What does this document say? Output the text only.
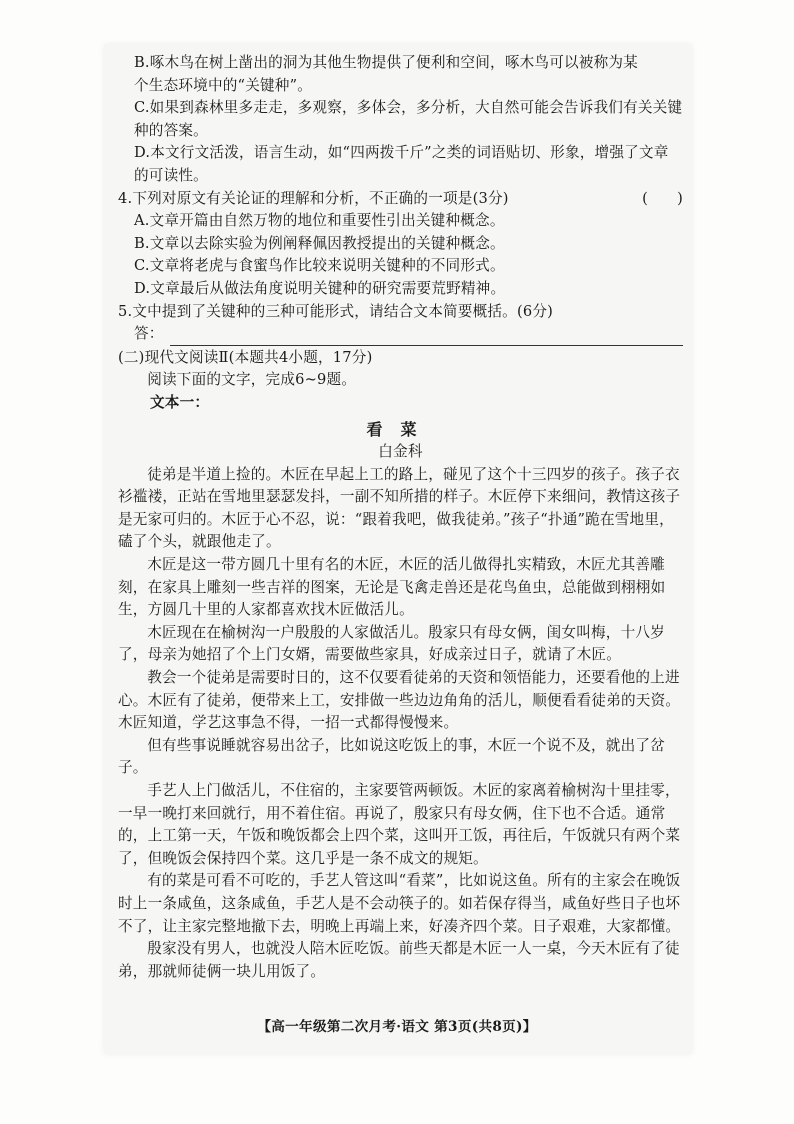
B.啄木鸟在树上凿出的洞为其他生物提供了便利和空间，啄木鸟可以被称为某
个生态环境中的“关键种”。
C.如果到森林里多走走，多观察，多体会，多分析，大自然可能会告诉我们有关关键
种的答案。
D.本文行文活泼，语言生动，如“四两拨千斤”之类的词语贴切、形象，增强了文章
的可读性。
4.下列对原文有关论证的理解和分析，不正确的一项是(3分)	(      )
A.文章开篇由自然万物的地位和重要性引出关键种概念。
B.文章以去除实验为例阐释佩因教授提出的关键种概念。
C.文章将老虎与食蜜鸟作比较来说明关键种的不同形式。
D.文章最后从做法角度说明关键种的研究需要荒野精神。
5.文中提到了关键种的三种可能形式，请结合文本简要概括。(6分)
答：
(二)现代文阅读Ⅱ(本题共4小题，17分)
阅读下面的文字，完成6~9题。
文本一：
看菜
白金科
徒弟是半道上捡的。木匠在早起上工的路上，碰见了这个十三四岁的孩子。孩子衣衫褴褛，正站在雪地里瑟瑟发抖，一副不知所措的样子。木匠停下来细问，教情这孩子是无家可归的。木匠于心不忍，说：“跟着我吧，做我徒弟。”孩子“扑通”跪在雪地里，磕了个头，就跟他走了。
木匠是这一带方圆几十里有名的木匠，木匠的活儿做得扎实精致，木匠尤其善雕刻，在家具上雕刻一些吉祥的图案，无论是飞禽走兽还是花鸟鱼虫，总能做到栩栩如生，方圆几十里的人家都喜欢找木匠做活儿。
木匠现在在榆树沟一户殷殷的人家做活儿。殷家只有母女俩，闺女叫梅，十八岁了，母亲为她招了个上门女婿，需要做些家具，好成亲过日子，就请了木匠。
教会一个徒弟是需要时日的，这不仅要看徒弟的天资和领悟能力，还要看他的上进心。木匠有了徒弟，便带来上工，安排做一些边边角角的活儿，顺便看看徒弟的天资。木匠知道，学艺这事急不得，一招一式都得慢慢来。
但有些事说睡就容易出岔子，比如说这吃饭上的事，木匠一个说不及，就出了岔子。
手艺人上门做活儿，不住宿的，主家要管两顿饭。木匠的家离着榆树沟十里挂零，一早一晚打来回就行，用不着住宿。再说了，殷家只有母女俩，住下也不合适。通常的，上工第一天，午饭和晚饭都会上四个菜，这叫开工饭，再往后，午饭就只有两个菜了，但晚饭会保持四个菜。这几乎是一条不成文的规矩。
有的菜是可看不可吃的，手艺人管这叫“看菜”，比如说这鱼。所有的主家会在晚饭时上一条咸鱼，这条咸鱼，手艺人是不会动筷子的。如若保存得当，咸鱼好些日子也坏不了，让主家完整地撤下去，明晚上再端上来，好凑齐四个菜。日子艰难，大家都懂。
殷家没有男人，也就没人陪木匠吃饭。前些天都是木匠一人一桌，今天木匠有了徒弟，那就师徒俩一块儿用饭了。
【高一年级第二次月考·语文 第3页(共8页)】
